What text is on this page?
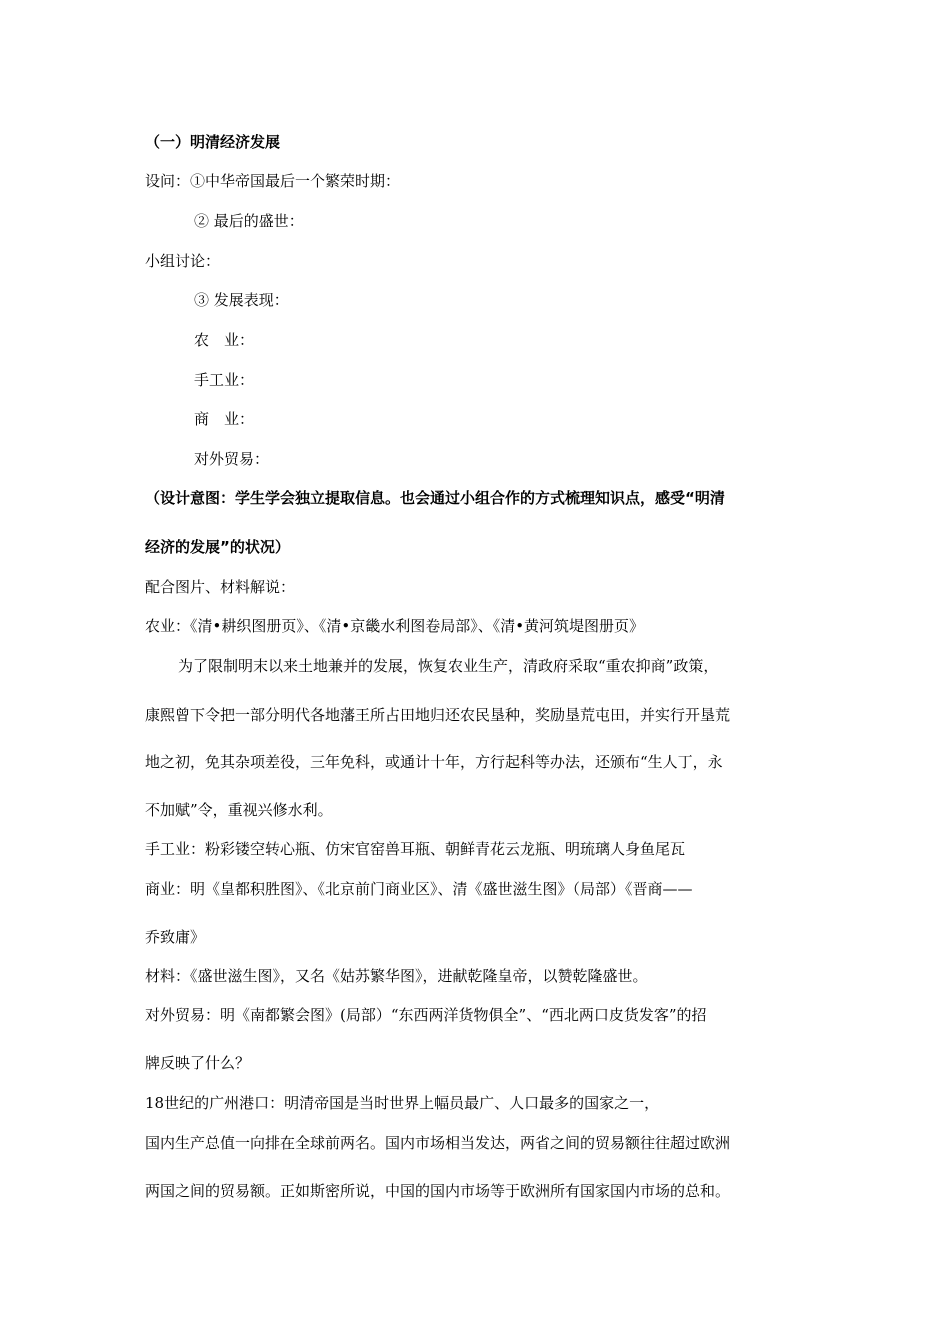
（一）明清经济发展
设问：①中华帝国最后一个繁荣时期：
② 最后的盛世：
小组讨论：
③ 发展表现：
农　业：
手工业：
商　业：
对外贸易：
（设计意图：学生学会独立提取信息。也会通过小组合作的方式梳理知识点，感受“明清
经济的发展”的状况）
配合图片、材料解说：
农业：《清•耕织图册页》、《清•京畿水利图卷局部》、《清•黄河筑堤图册页》
为了限制明末以来土地兼并的发展，恢复农业生产，清政府采取“重农抑商”政策，
康熙曾下令把一部分明代各地藩王所占田地归还农民垦种，奖励垦荒屯田，并实行开垦荒
地之初，免其杂项差役，三年免科，或通计十年，方行起科等办法，还颁布“生人丁，永
不加赋”令，重视兴修水利。
手工业：粉彩镂空转心瓶、仿宋官窑兽耳瓶、朝鲜青花云龙瓶、明琉璃人身鱼尾瓦
商业：明《皇都积胜图》、《北京前门商业区》、清《盛世滋生图》（局部）《晋商——
乔致庸》
材料：《盛世滋生图》，又名《姑苏繁华图》，进献乾隆皇帝，以赞乾隆盛世。
对外贸易：明《南都繁会图》(局部）“东西两洋货物俱全”、“西北两口皮货发客”的招
牌反映了什么？
18世纪的广州港口：明清帝国是当时世界上幅员最广、人口最多的国家之一，
国内生产总值一向排在全球前两名。国内市场相当发达，两省之间的贸易额往往超过欧洲
两国之间的贸易额。正如斯密所说，中国的国内市场等于欧洲所有国家国内市场的总和。
